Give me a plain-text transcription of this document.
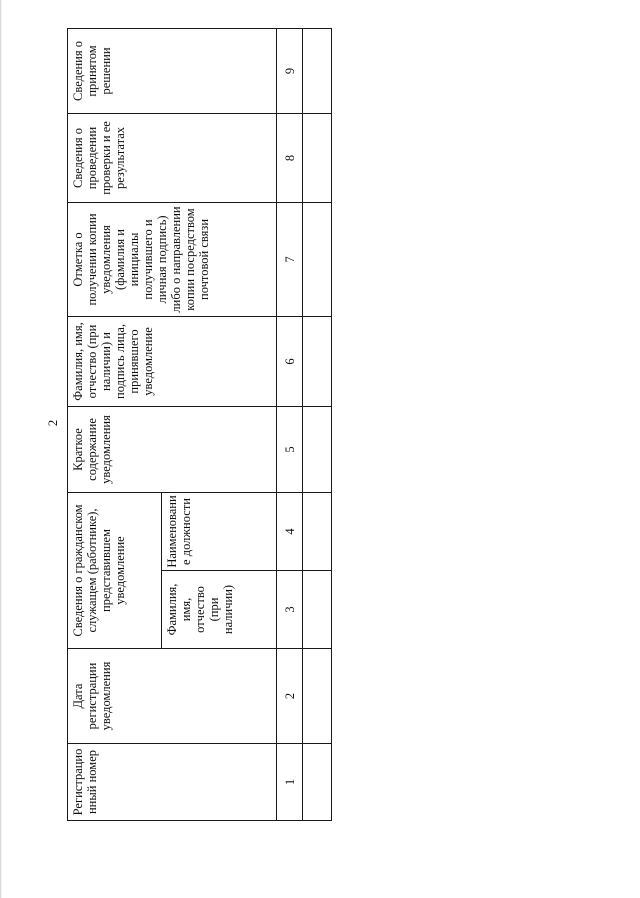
2
Регистрационный номер	Дата регистрации уведомления	Сведения о гражданском служащем (работнике), представившем уведомление		Краткое содержание уведомления	Фамилия, имя, отчество (при наличии) и подпись лица, принявшего уведомление	Отметка о получении копии уведомления (фамилия и инициалы получившего и личная подпись) либо о направлении копии посредством почтовой связи	Сведения о проведении проверки и ее результатах	Сведения о принятом решении
		Фамилия, имя, отчество (при наличии)	Наименование должности					
1	2	3	4	5	6	7	8	9
